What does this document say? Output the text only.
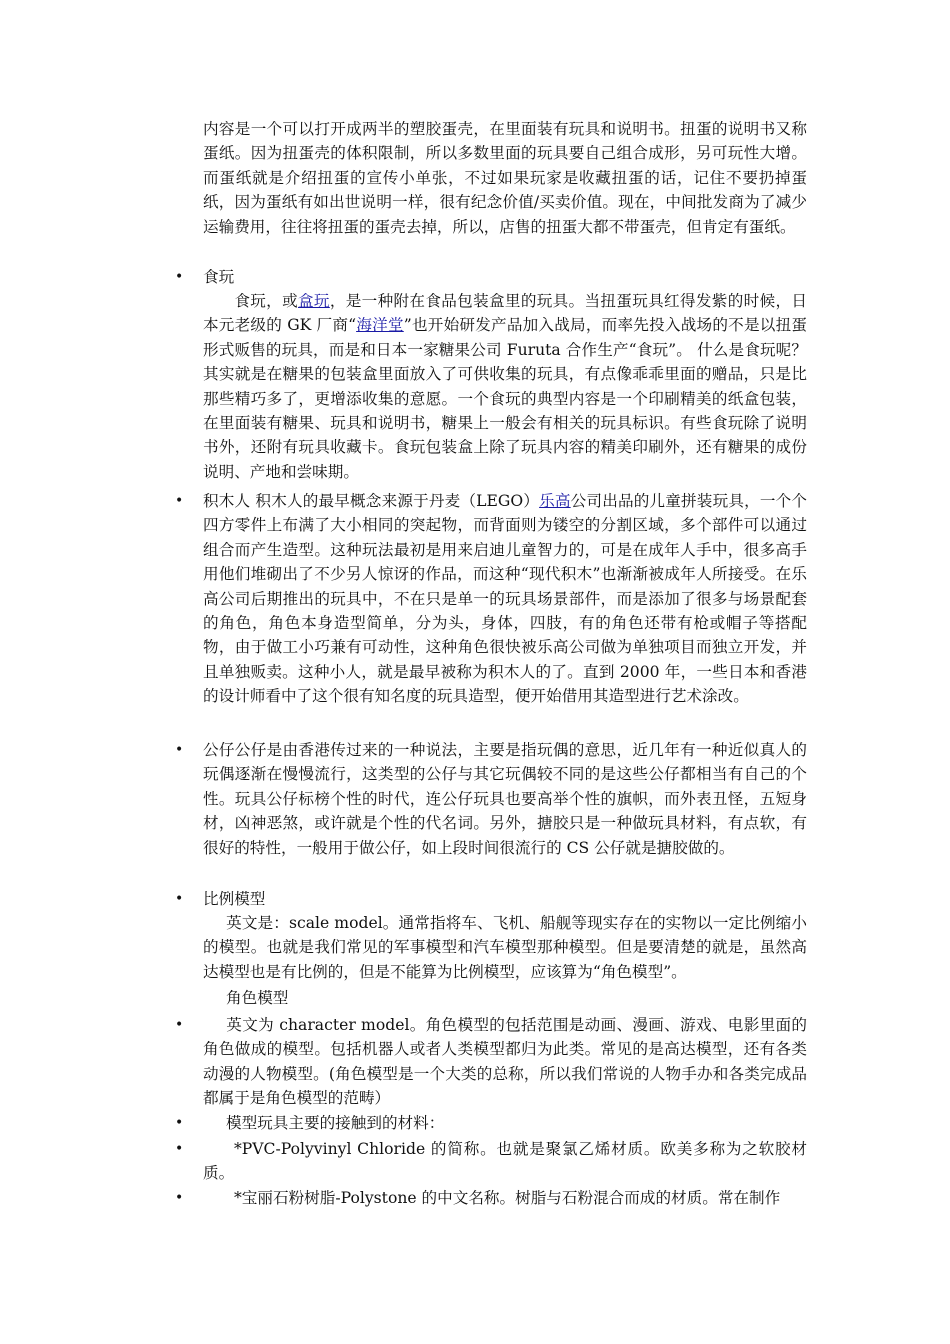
内容是一个可以打开成两半的塑胶蛋壳，在里面装有玩具和说明书。扭蛋的说明书又称蛋纸。因为扭蛋壳的体积限制，所以多数里面的玩具要自己组合成形，另可玩性大增。而蛋纸就是介绍扭蛋的宣传小单张，不过如果玩家是收藏扭蛋的话，记住不要扔掉蛋纸，因为蛋纸有如出世说明一样，很有纪念价值/买卖价值。现在，中间批发商为了减少运输费用，往往将扭蛋的蛋壳去掉，所以，店售的扭蛋大都不带蛋壳，但肯定有蛋纸。

• 食玩

食玩，或盒玩，是一种附在食品包装盒里的玩具。当扭蛋玩具红得发紫的时候，日本元老级的 GK 厂商“海洋堂”也开始研发产品加入战局，而率先投入战场的不是以扭蛋形式贩售的玩具，而是和日本一家糖果公司 Furuta 合作生产“食玩”。 什么是食玩呢？其实就是在糖果的包装盒里面放入了可供收集的玩具，有点像乖乖里面的赠品，只是比那些精巧多了，更增添收集的意愿。一个食玩的典型内容是一个印刷精美的纸盒包装，在里面装有糖果、玩具和说明书，糖果上一般会有相关的玩具标识。有些食玩除了说明书外，还附有玩具收藏卡。食玩包装盒上除了玩具内容的精美印刷外，还有糖果的成份说明、产地和尝味期。

• 积木人 积木人的最早概念来源于丹麦（LEGO）乐高公司出品的儿童拼装玩具，一个个四方零件上布满了大小相同的突起物，而背面则为镂空的分割区域，多个部件可以通过组合而产生造型。这种玩法最初是用来启迪儿童智力的，可是在成年人手中，很多高手用他们堆砌出了不少另人惊讶的作品，而这种“现代积木”也渐渐被成年人所接受。在乐高公司后期推出的玩具中，不在只是单一的玩具场景部件，而是添加了很多与场景配套的角色，角色本身造型简单，分为头，身体，四肢，有的角色还带有枪或帽子等搭配物，由于做工小巧兼有可动性，这种角色很快被乐高公司做为单独项目而独立开发，并且单独贩卖。这种小人，就是最早被称为积木人的了。直到 2000 年，一些日本和香港的设计师看中了这个很有知名度的玩具造型，便开始借用其造型进行艺术涂改。

• 公仔公仔是由香港传过来的一种说法，主要是指玩偶的意思，近几年有一种近似真人的玩偶逐渐在慢慢流行，这类型的公仔与其它玩偶较不同的是这些公仔都相当有自己的个性。玩具公仔标榜个性的时代，连公仔玩具也要高举个性的旗帜，而外表丑怪，五短身材，凶神恶煞，或许就是个性的代名词。另外，搪胶只是一种做玩具材料，有点软，有很好的特性，一般用于做公仔，如上段时间很流行的 CS 公仔就是搪胶做的。

• 比例模型

英文是：scale model。通常指将车、飞机、船舰等现实存在的实物以一定比例缩小的模型。也就是我们常见的军事模型和汽车模型那种模型。但是要清楚的就是，虽然高达模型也是有比例的，但是不能算为比例模型，应该算为“角色模型”。

角色模型

•	英文为 character model。角色模型的包括范围是动画、漫画、游戏、电影里面的角色做成的模型。包括机器人或者人类模型都归为此类。常见的是高达模型，还有各类动漫的人物模型。(角色模型是一个大类的总称，所以我们常说的人物手办和各类完成品都属于是角色模型的范畴）

•	模型玩具主要的接触到的材料：

•	*PVC-Polyvinyl Chloride 的简称。也就是聚氯乙烯材质。欧美多称为之软胶材质。

•	*宝丽石粉树脂-Polystone 的中文名称。树脂与石粉混合而成的材质。常在制作
